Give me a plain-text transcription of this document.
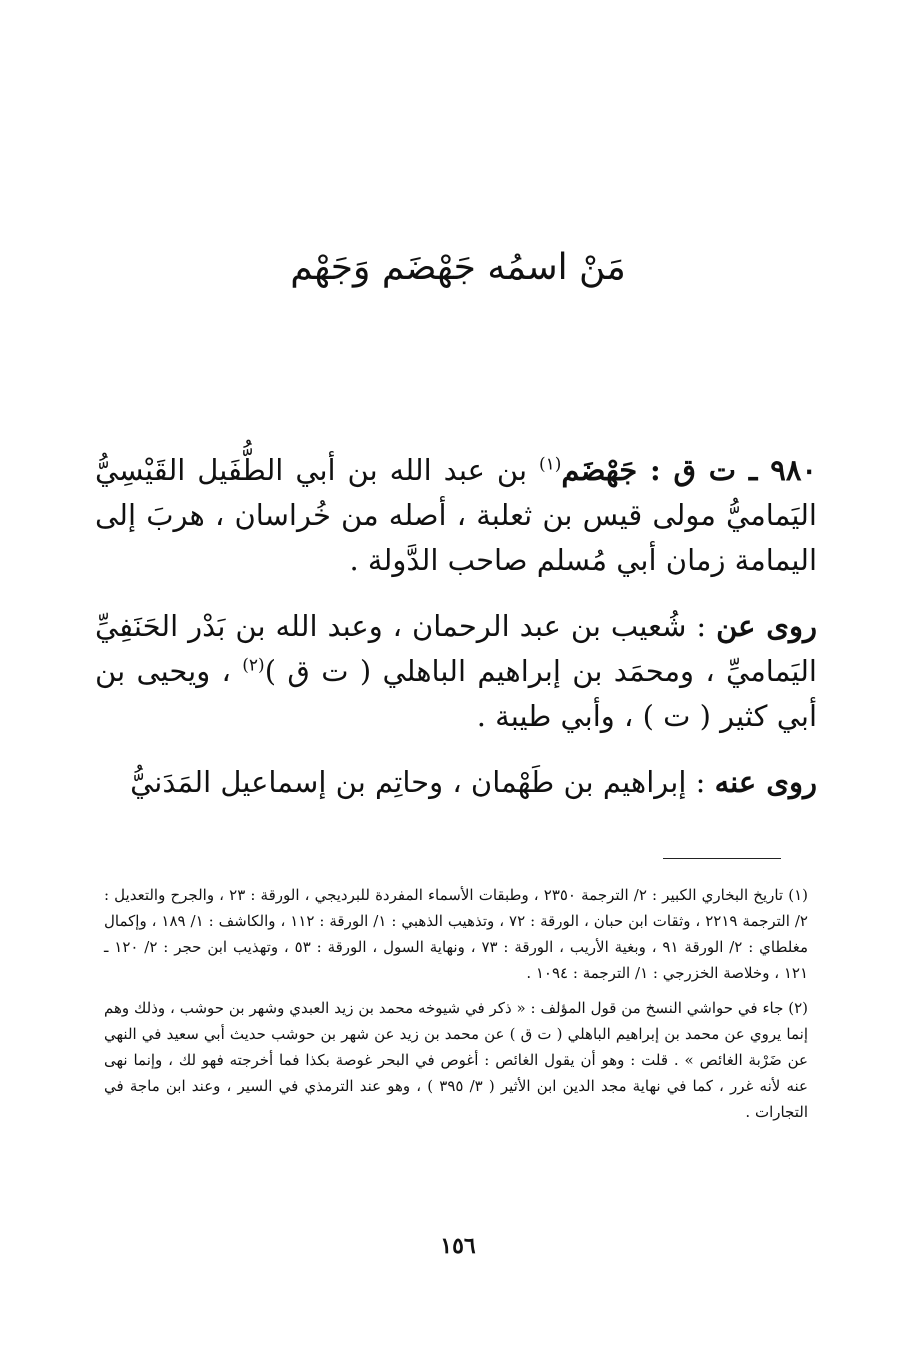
مَنْ اسمُه جَهْضَم وَجَهْم

٩٨٠ ـ ت ق : جَهْضَم$^{(١)}$ بن عبد الله بن أبي الطُّفَيل القَيْسِيُّ اليَماميُّ مولى قيس بن ثعلبة ، أصله من خُراسان ، هربَ إلى اليمامة زمان أبي مُسلم صاحب الدَّولة .

روى عن : شُعيب بن عبد الرحمان ، وعبد الله بن بَدْر الحَنَفِيِّ اليَماميِّ ، ومحمَد بن إبراهيم الباهلي ( ت ق )$^{(٢)}$ ، ويحيى بن أبي كثير ( ت ) ، وأبي طيبة .

روى عنه : إبراهيم بن طَهْمان ، وحاتِم بن إسماعيل المَدَنيُّ

(١) تاريخ البخاري الكبير : ٢/ الترجمة ٢٣٥٠ ، وطبقات الأسماء المفردة للبرديجي ، الورقة : ٢٣ ، والجرح والتعديل : ٢/ الترجمة ٢٢١٩ ، وثقات ابن حبان ، الورقة : ٧٢ ، وتذهيب الذهبي : ١/ الورقة : ١١٢ ، والكاشف : ١/ ١٨٩ ، وإكمال مغلطاي : ٢/ الورقة ٩١ ، وبغية الأريب ، الورقة : ٧٣ ، ونهاية السول ، الورقة : ٥٣ ، وتهذيب ابن حجر : ٢/ ١٢٠ ـ ١٢١ ، وخلاصة الخزرجي : ١/ الترجمة : ١٠٩٤ .

(٢) جاء في حواشي النسخ من قول المؤلف : « ذكر في شيوخه محمد بن زيد العبدي وشهر بن حوشب ، وذلك وهم إنما يروي عن محمد بن إبراهيم الباهلي ( ت ق ) عن محمد بن زيد عن شهر بن حوشب حديث أبي سعيد في النهي عن ضَرْبة الغائص » . قلت : وهو أن يقول الغائص : أغوص في البحر غوصة بكذا فما أخرجته فهو لك ، وإنما نهى عنه لأنه غرر ، كما في نهاية مجد الدين ابن الأثير ( ٣/ ٣٩٥ ) ، وهو عند الترمذي في السير ، وعند ابن ماجة في التجارات .

١٥٦
